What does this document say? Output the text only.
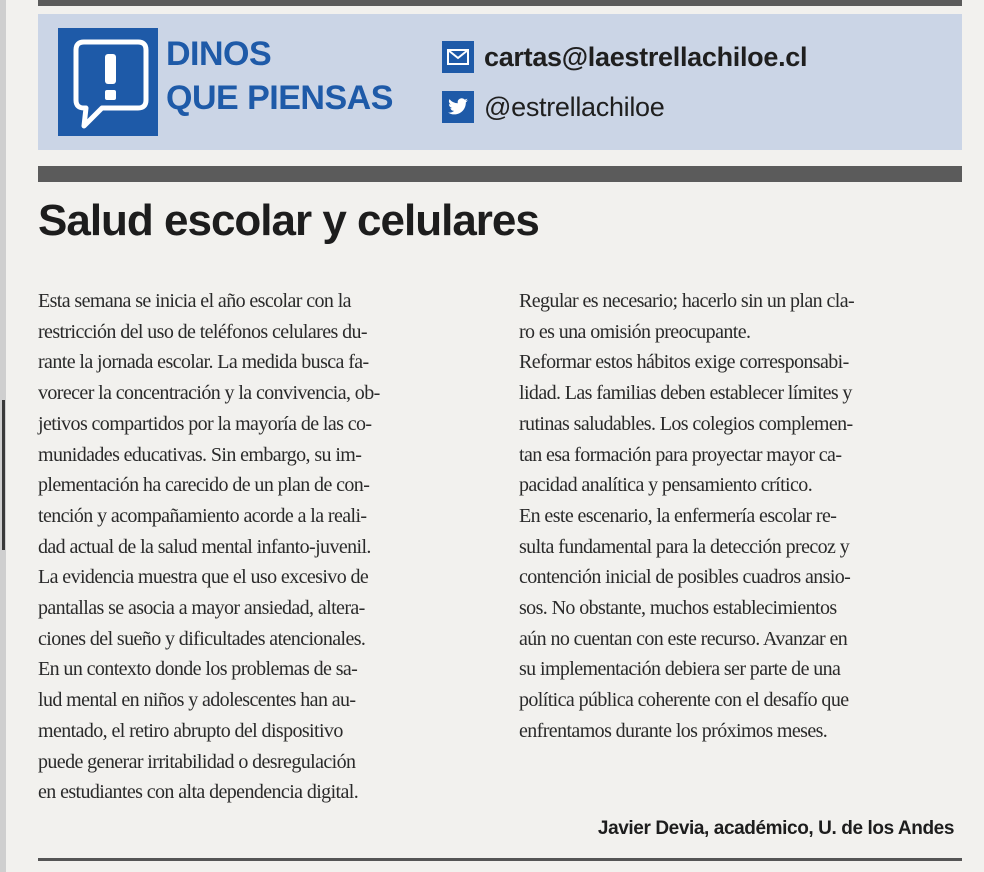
DINOS
QUE PIENSAS
cartas@laestrellachiloe.cl
@estrellachiloe
Salud escolar y celulares
Esta semana se inicia el año escolar con la
restricción del uso de teléfonos celulares du-
rante la jornada escolar. La medida busca fa-
vorecer la concentración y la convivencia, ob-
jetivos compartidos por la mayoría de las co-
munidades educativas. Sin embargo, su im-
plementación ha carecido de un plan de con-
tención y acompañamiento acorde a la reali-
dad actual de la salud mental infanto-juvenil.
La evidencia muestra que el uso excesivo de
pantallas se asocia a mayor ansiedad, altera-
ciones del sueño y dificultades atencionales.
En un contexto donde los problemas de sa-
lud mental en niños y adolescentes han au-
mentado, el retiro abrupto del dispositivo
puede generar irritabilidad o desregulación
en estudiantes con alta dependencia digital.
Regular es necesario; hacerlo sin un plan cla-
ro es una omisión preocupante.
Reformar estos hábitos exige corresponsabi-
lidad. Las familias deben establecer límites y
rutinas saludables. Los colegios complemen-
tan esa formación para proyectar mayor ca-
pacidad analítica y pensamiento crítico.
En este escenario, la enfermería escolar re-
sulta fundamental para la detección precoz y
contención inicial de posibles cuadros ansio-
sos. No obstante, muchos establecimientos
aún no cuentan con este recurso. Avanzar en
su implementación debiera ser parte de una
política pública coherente con el desafío que
enfrentamos durante los próximos meses.
Javier Devia, académico, U. de los Andes
